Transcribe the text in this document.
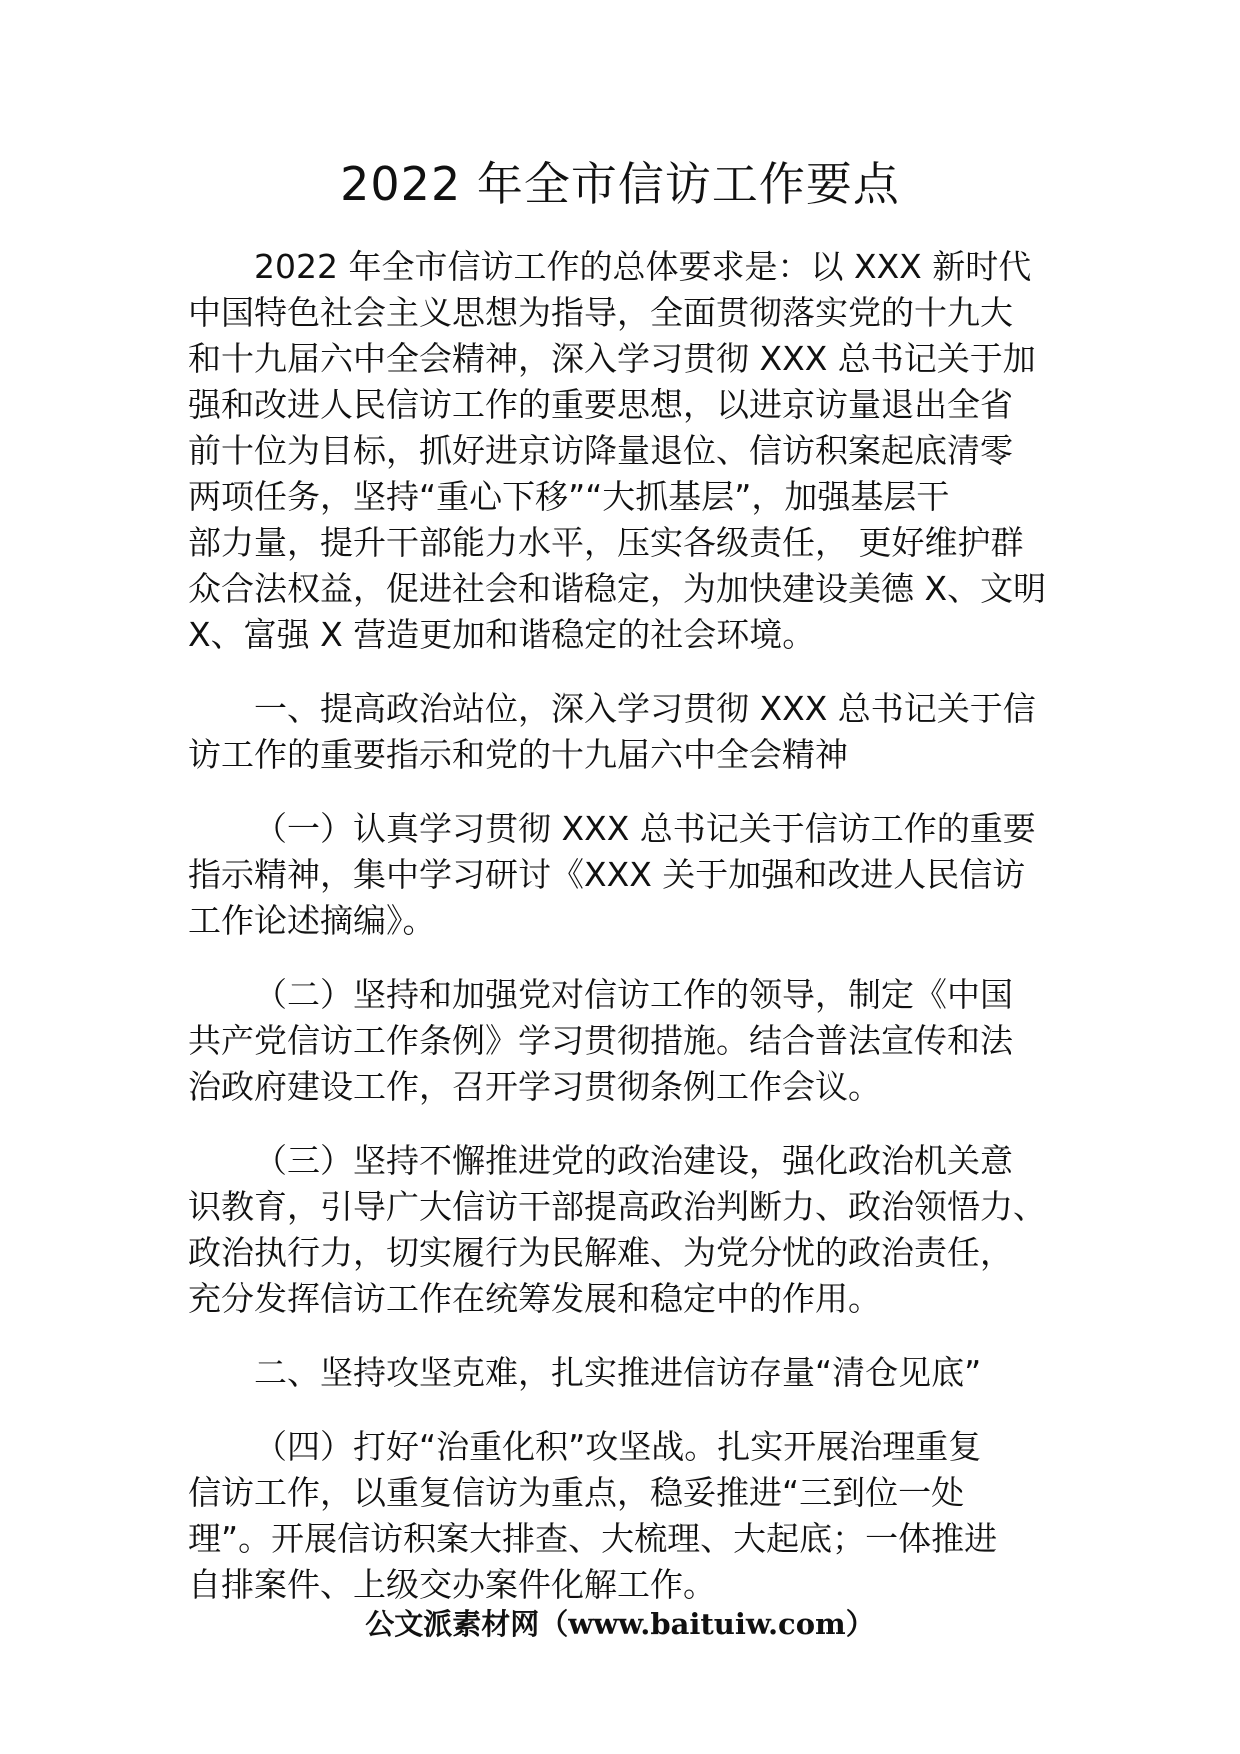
2022 年全市信访工作要点
2022 年全市信访工作的总体要求是：以 XXX 新时代
中国特色社会主义思想为指导，全面贯彻落实党的十九大
和十九届六中全会精神，深入学习贯彻 XXX 总书记关于加
强和改进人民信访工作的重要思想，以进京访量退出全省
前十位为目标，抓好进京访降量退位、信访积案起底清零
两项任务，坚持“重心下移”“大抓基层”，加强基层干
部力量，提升干部能力水平，压实各级责任， 更好维护群
众合法权益，促进社会和谐稳定，为加快建设美德 X、文明
X、富强 X 营造更加和谐稳定的社会环境。
一、提高政治站位，深入学习贯彻 XXX 总书记关于信
访工作的重要指示和党的十九届六中全会精神
（一）认真学习贯彻 XXX 总书记关于信访工作的重要
指示精神，集中学习研讨《XXX 关于加强和改进人民信访
工作论述摘编》。
（二）坚持和加强党对信访工作的领导，制定《中国
共产党信访工作条例》学习贯彻措施。结合普法宣传和法
治政府建设工作，召开学习贯彻条例工作会议。
（三）坚持不懈推进党的政治建设，强化政治机关意
识教育，引导广大信访干部提高政治判断力、政治领悟力、
政治执行力，切实履行为民解难、为党分忧的政治责任，
充分发挥信访工作在统筹发展和稳定中的作用。
二、坚持攻坚克难，扎实推进信访存量“清仓见底”
（四）打好“治重化积”攻坚战。扎实开展治理重复
信访工作，以重复信访为重点，稳妥推进“三到位一处
理”。开展信访积案大排查、大梳理、大起底；一体推进
自排案件、上级交办案件化解工作。
公文派素材网（www.baituiw.com）
